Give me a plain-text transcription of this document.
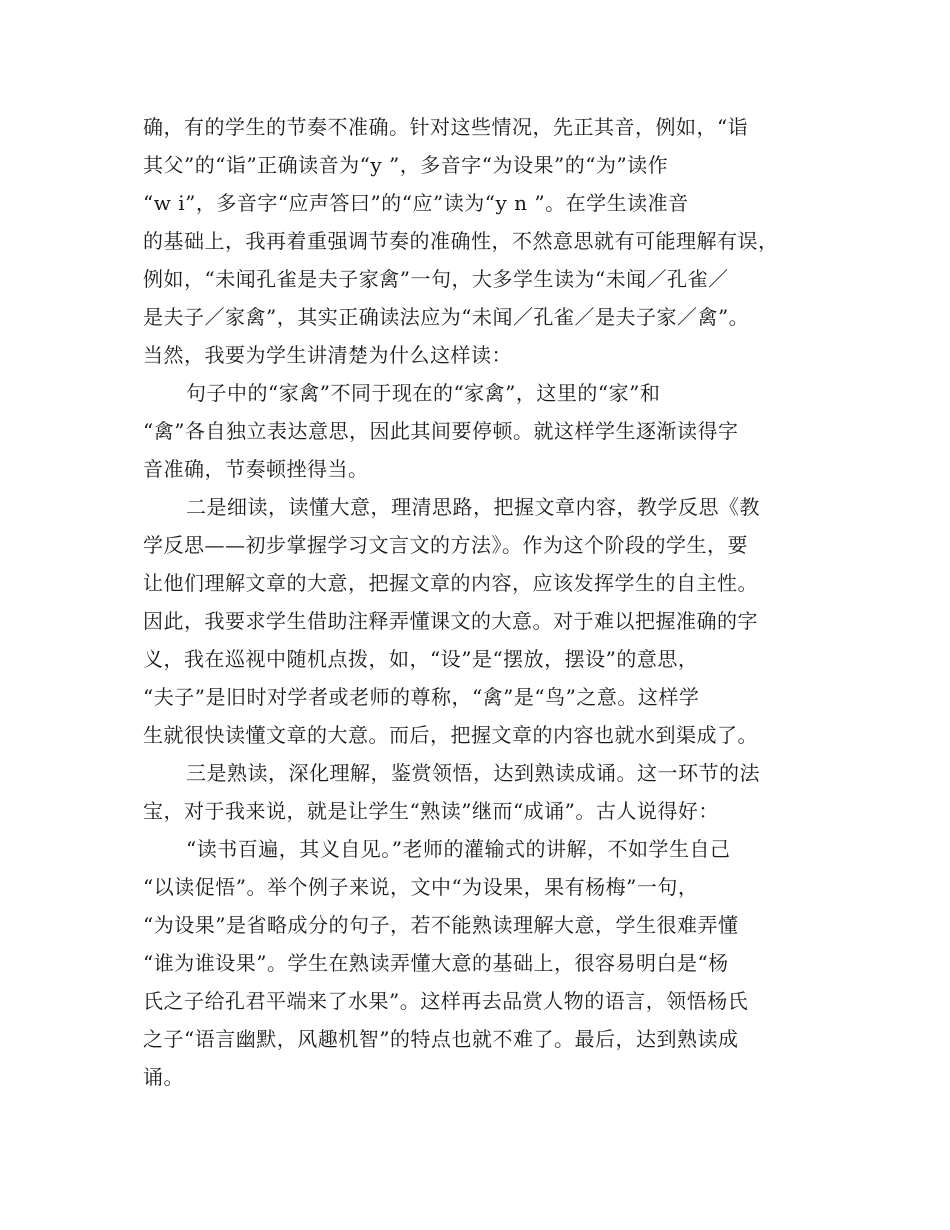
确，有的学生的节奏不准确。针对这些情况，先正其音，例如，“诣
其父”的“诣”正确读音为“y ”，多音字“为设果”的“为”读作
“w i”，多音字“应声答曰”的“应”读为“y n ”。在学生读准音
的基础上，我再着重强调节奏的准确性，不然意思就有可能理解有误，
例如，“未闻孔雀是夫子家禽”一句，大多学生读为“未闻／孔雀／
是夫子／家禽”，其实正确读法应为“未闻／孔雀／是夫子家／禽”。
当然，我要为学生讲清楚为什么这样读：
句子中的“家禽”不同于现在的“家禽”，这里的“家”和
“禽”各自独立表达意思，因此其间要停顿。就这样学生逐渐读得字
音准确，节奏顿挫得当。
二是细读，读懂大意，理清思路，把握文章内容，教学反思《教
学反思——初步掌握学习文言文的方法》。作为这个阶段的学生，要
让他们理解文章的大意，把握文章的内容，应该发挥学生的自主性。
因此，我要求学生借助注释弄懂课文的大意。对于难以把握准确的字
义，我在巡视中随机点拨，如，“设”是“摆放，摆设”的意思，
“夫子”是旧时对学者或老师的尊称，“禽”是“鸟”之意。这样学
生就很快读懂文章的大意。而后，把握文章的内容也就水到渠成了。
三是熟读，深化理解，鉴赏领悟，达到熟读成诵。这一环节的法
宝，对于我来说，就是让学生“熟读”继而“成诵”。古人说得好：
“读书百遍，其义自见。”老师的灌输式的讲解，不如学生自己
“以读促悟”。举个例子来说，文中“为设果，果有杨梅”一句，
“为设果”是省略成分的句子，若不能熟读理解大意，学生很难弄懂
“谁为谁设果”。学生在熟读弄懂大意的基础上，很容易明白是“杨
氏之子给孔君平端来了水果”。这样再去品赏人物的语言，领悟杨氏
之子“语言幽默，风趣机智”的特点也就不难了。最后，达到熟读成
诵。
